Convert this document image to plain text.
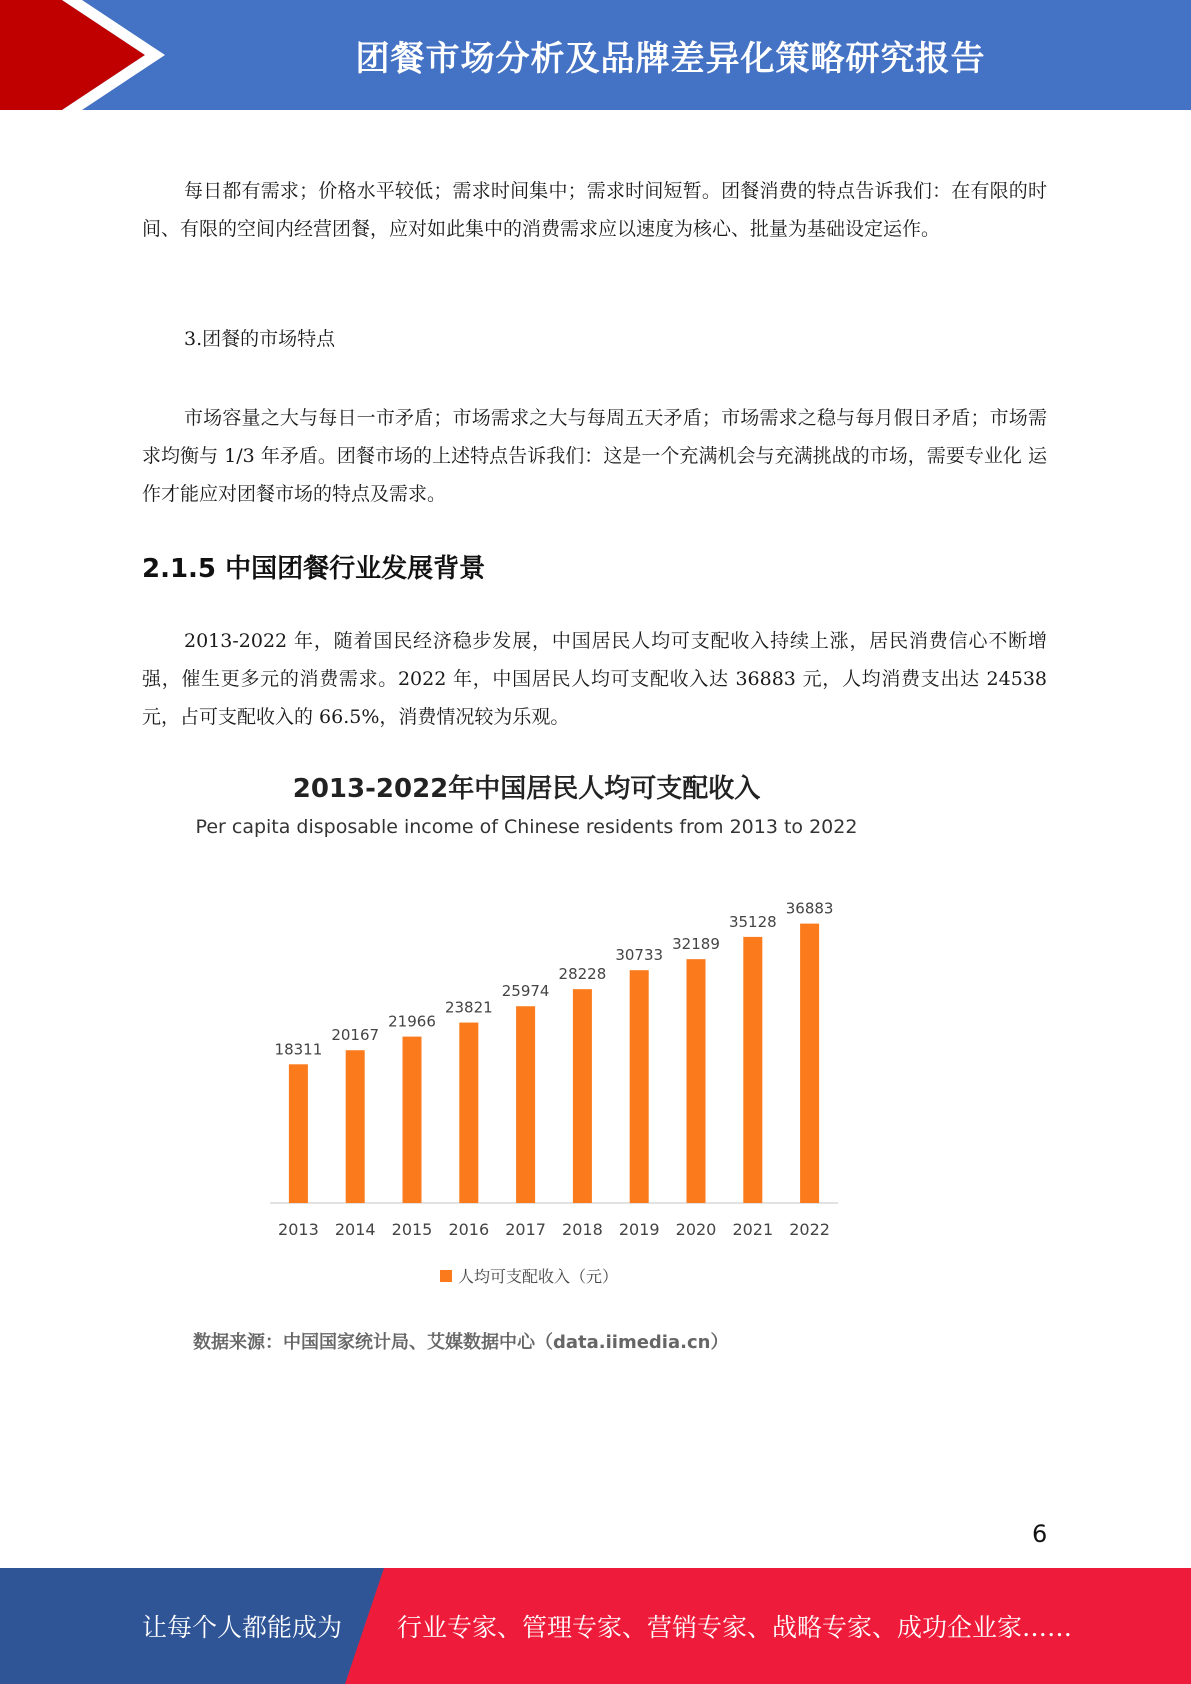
团餐市场分析及品牌差异化策略研究报告

每日都有需求；价格水平较低；需求时间集中；需求时间短暂。团餐消费的特点告诉我们：在有限的时间、有限的空间内经营团餐，应对如此集中的消费需求应以速度为核心、批量为基础设定运作。

3.团餐的市场特点

市场容量之大与每日一市矛盾；市场需求之大与每周五天矛盾；市场需求之稳与每月假日矛盾；市场需求均衡与 1/3 年矛盾。团餐市场的上述特点告诉我们：这是一个充满机会与充满挑战的市场，需要专业化 运作才能应对团餐市场的特点及需求。

2.1.5 中国团餐行业发展背景

2013-2022 年，随着国民经济稳步发展，中国居民人均可支配收入持续上涨，居民消费信心不断增强，催生更多元的消费需求。2022 年，中国居民人均可支配收入达 36883 元，人均消费支出达 24538 元，占可支配收入的 66.5%，消费情况较为乐观。

2013-2022年中国居民人均可支配收入

Per capita disposable income of Chinese residents from 2013 to 2022

18311
2013
20167
2014
21966
2015
23821
2016
25974
2017
28228
2018
30733
2019
32189
2020
35128
2021
36883
2022
人均可支配收入（元）

数据来源：中国国家统计局、艾媒数据中心（data.iimedia.cn）

6
让每个人都能成为 行业专家、管理专家、营销专家、战略专家、成功企业家……
